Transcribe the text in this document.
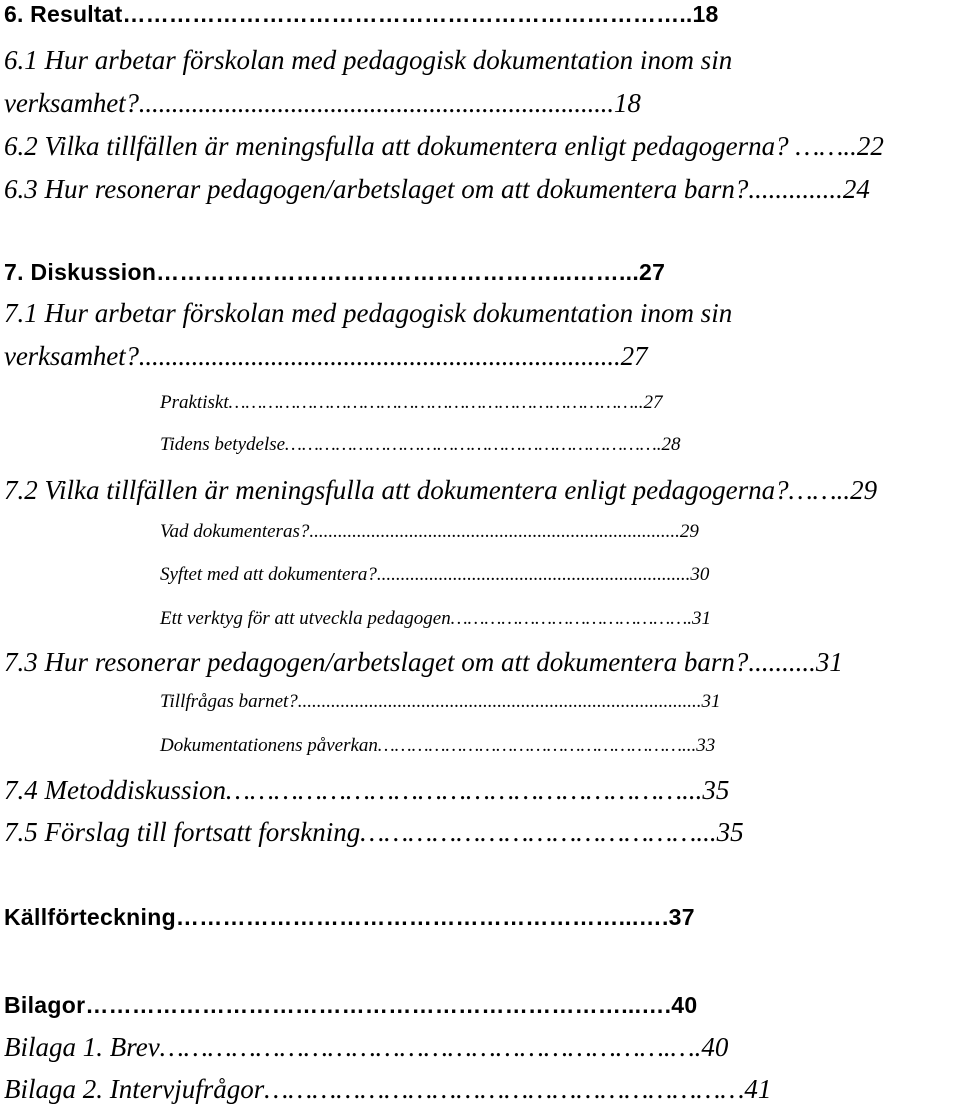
6. Resultat………………………………………………………………..18
6.1 Hur arbetar förskolan med pedagogisk dokumentation inom sin
verksamhet?........................................................................18
6.2 Vilka tillfällen är meningsfulla att dokumentera enligt pedagogerna? ……..22
6.3 Hur resonerar pedagogen/arbetslaget om att dokumentera barn?..............24
7. Diskussion……………………………………………...……...27
7.1 Hur arbetar förskolan med pedagogisk dokumentation inom sin
verksamhet?.........................................................................27
Praktiskt………………………………………………………………..27
Tidens betydelse………………………………………………………….28
7.2 Vilka tillfällen är meningsfulla att dokumentera enligt pedagogerna?……..29
Vad dokumenteras?..............................................................................29
Syftet med att dokumentera?..................................................................30
Ett verktyg för att utveckla pedagogen…………………………………….31
7.3 Hur resonerar pedagogen/arbetslaget om att dokumentera barn?..........31
Tillfrågas barnet?.....................................................................................31
Dokumentationens påverkan………………………………………………...33
7.4 Metoddiskussion…………………………………………………...35
7.5 Förslag till fortsatt forskning……………………………………...35
Källförteckning…………………………………………………...….37
Bilagor……………………………………………………………...….40
Bilaga 1. Brev……………………………………………………….….40
Bilaga 2. Intervjufrågor……………………………………………………41
